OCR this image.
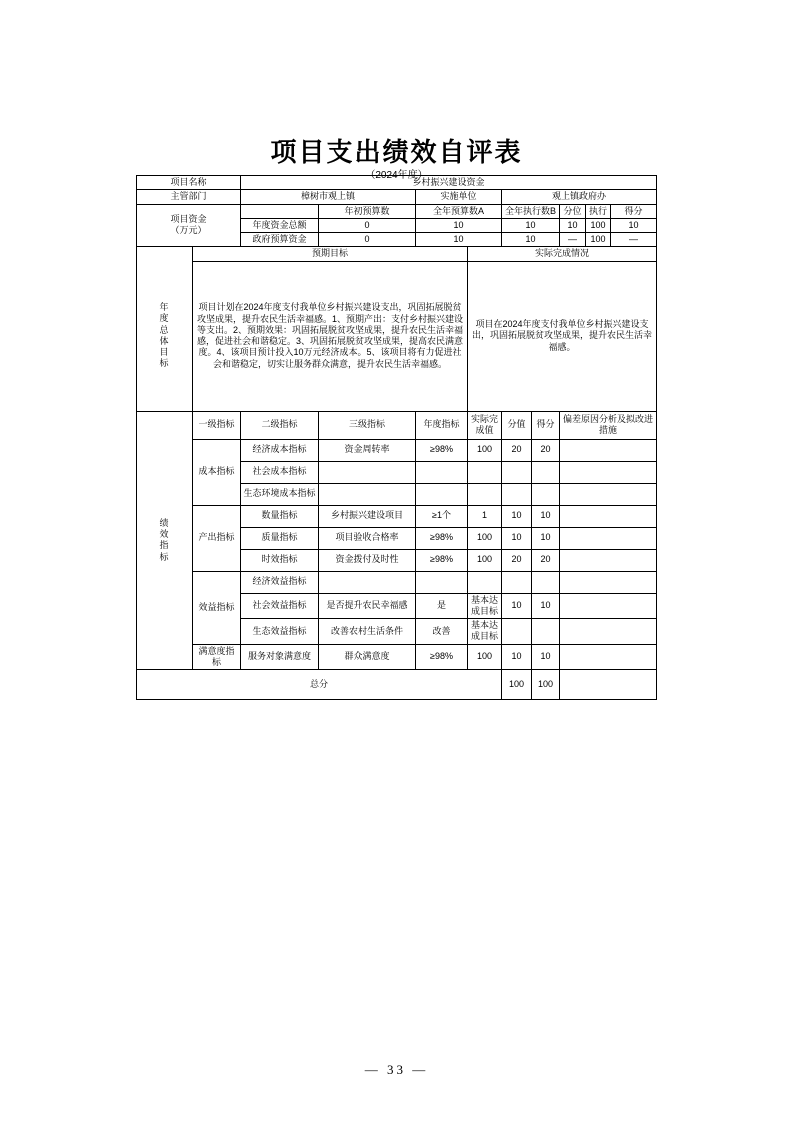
项目支出绩效自评表
（2024年度）
项目名称		乡村振兴建设资金								
主管部门		樟树市观上镇		实施单位		观上镇政府办				

项目资金
（万元）			年初预算数	全年预算数A		全年执行数B		分位	执行	得分
		年度资金总额	0	10		10		10	100	10
		政府预算资金	0	10		10		—	100	—
	预期目标				实际完成情况					

年度总体目标	项目计划在2024年度支付我单位乡村振兴建设支出，巩固拓展脱贫攻坚成果，提升农民生活幸福感。1、预期产出：支付乡村振兴建设等支出。2、预期效果：巩固拓展脱贫攻坚成果，提升农民生活幸福感，促进社会和谐稳定。3、巩固拓展脱贫攻坚成果，提高农民满意度。4、该项目预计投入10万元经济成本。5、该项目将有力促进社会和谐稳定，切实让服务群众满意，提升农民生活幸福感。				项目在2024年度支付我单位乡村振兴建设支出，巩固拓展脱贫攻坚成果，提升农民生活幸福感。					

绩效指标	一级指标	二级指标	三级指标	年度指标	实际完成值	分值	得分	偏差原因分析及拟改进措施		
	成本指标	经济成本指标	资金周转率	≥98%	100	20	20			
		社会成本指标								
		生态环境成本指标								
	产出指标	数量指标	乡村振兴建设项目	≥1个	1	10	10			
		质量指标	项目验收合格率	≥98%	100	10	10			
		时效指标	资金拨付及时性	≥98%	100	20	20			
	效益指标	经济效益指标								
		社会效益指标	是否提升农民幸福感	是	基本达成目标	10	10			
		生态效益指标	改善农村生活条件	改善	基本达成目标					
	满意度指标	服务对象满意度	群众满意度	≥98%	100	10	10			
总分						100	100			
— 33 —
